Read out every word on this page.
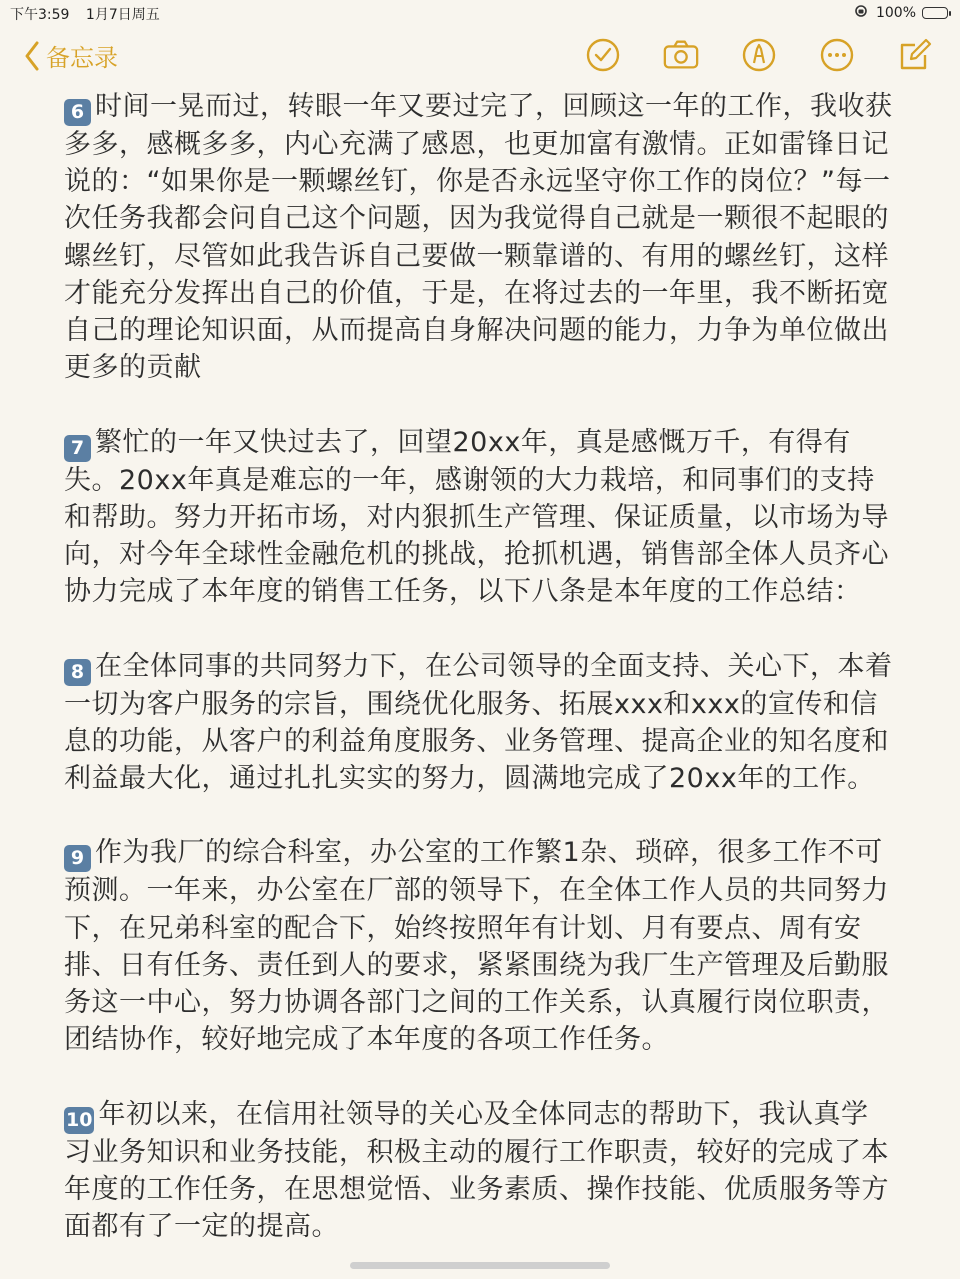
下午3:59 1月7日周五	100%
备忘录

6 时间一晃而过，转眼一年又要过完了，回顾这一年的工作，我收获多多，感概多多，内心充满了感恩，也更加富有激情。正如雷锋日记说的：“如果你是一颗螺丝钉，你是否永远坚守你工作的岗位？”每一次任务我都会问自己这个问题，因为我觉得自己就是一颗很不起眼的螺丝钉，尽管如此我告诉自己要做一颗靠谱的、有用的螺丝钉，这样才能充分发挥出自己的价值，于是，在将过去的一年里，我不断拓宽自己的理论知识面，从而提高自身解决问题的能力，力争为单位做出更多的贡献

7 繁忙的一年又快过去了，回望20xx年，真是感慨万千，有得有失。20xx年真是难忘的一年，感谢领的大力栽培，和同事们的支持和帮助。努力开拓市场，对内狠抓生产管理、保证质量，以市场为导向，对今年全球性金融危机的挑战，抢抓机遇，销售部全体人员齐心协力完成了本年度的销售工任务，以下八条是本年度的工作总结：

8 在全体同事的共同努力下，在公司领导的全面支持、关心下，本着一切为客户服务的宗旨，围绕优化服务、拓展xxx和xxx的宣传和信息的功能，从客户的利益角度服务、业务管理、提高企业的知名度和利益最大化，通过扎扎实实的努力，圆满地完成了20xx年的工作。

9 作为我厂的综合科室，办公室的工作繁1杂、琐碎，很多工作不可预测。一年来，办公室在厂部的领导下，在全体工作人员的共同努力下，在兄弟科室的配合下，始终按照年有计划、月有要点、周有安排、日有任务、责任到人的要求，紧紧围绕为我厂生产管理及后勤服务这一中心，努力协调各部门之间的工作关系，认真履行岗位职责，团结协作，较好地完成了本年度的各项工作任务。

10 年初以来，在信用社领导的关心及全体同志的帮助下，我认真学习业务知识和业务技能，积极主动的履行工作职责，较好的完成了本年度的工作任务，在思想觉悟、业务素质、操作技能、优质服务等方面都有了一定的提高。
